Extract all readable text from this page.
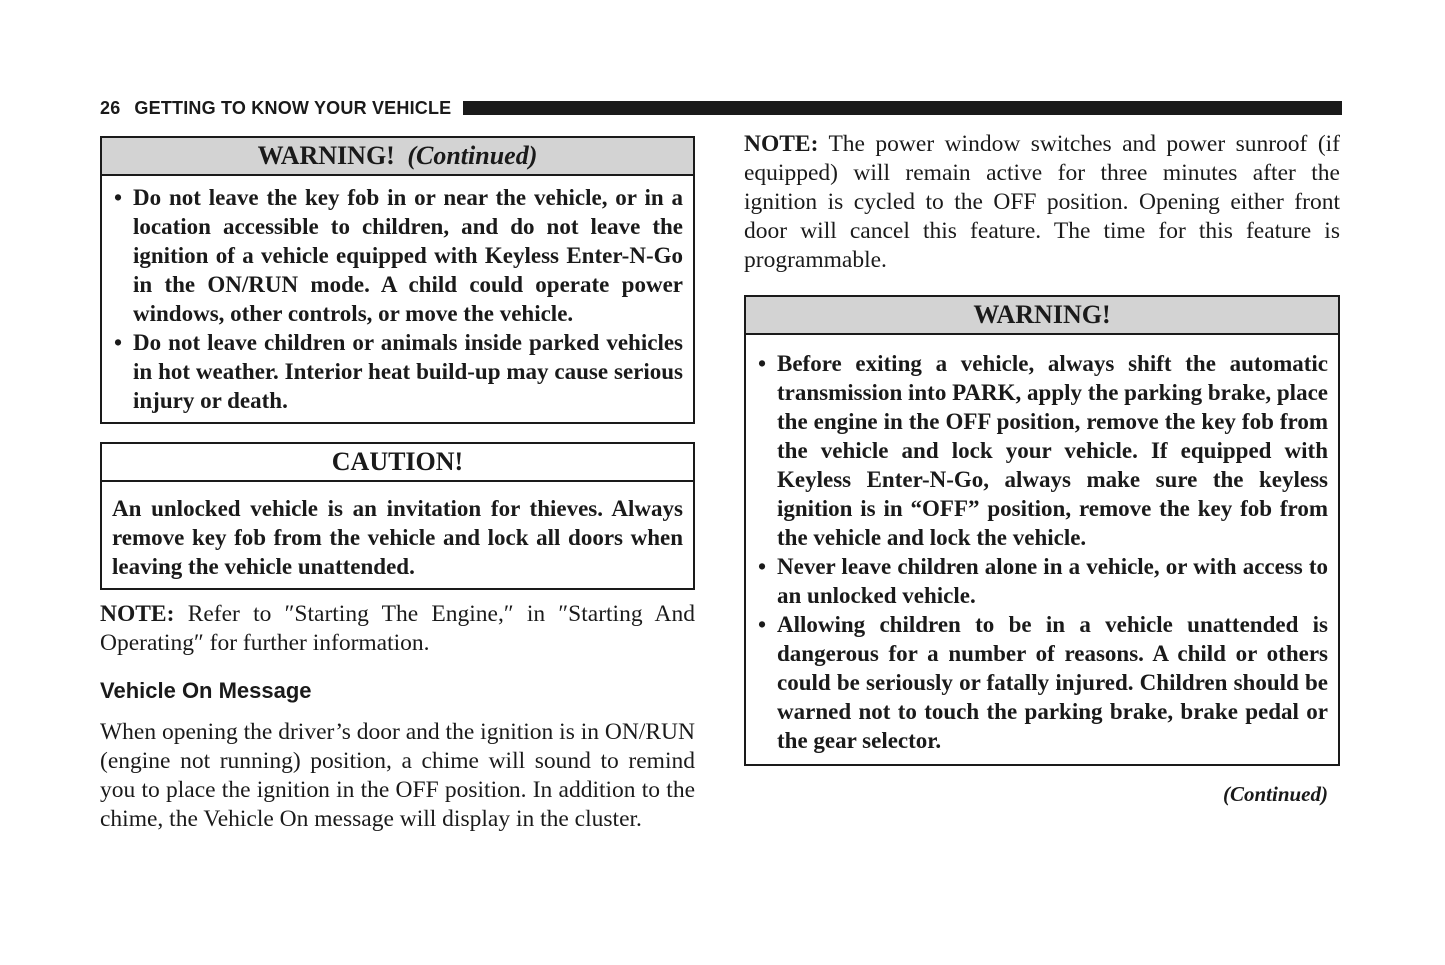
26 GETTING TO KNOW YOUR VEHICLE
WARNING! (Continued)
• Do not leave the key fob in or near the vehicle, or in a location accessible to children, and do not leave the ignition of a vehicle equipped with Keyless Enter-N-Go in the ON/RUN mode. A child could operate power windows, other controls, or move the vehicle.
• Do not leave children or animals inside parked vehicles in hot weather. Interior heat build-up may cause serious injury or death.
CAUTION!
An unlocked vehicle is an invitation for thieves. Always remove key fob from the vehicle and lock all doors when leaving the vehicle unattended.

NOTE: Refer to ″Starting The Engine,″ in ″Starting And Operating″ for further information.

Vehicle On Message

When opening the driver’s door and the ignition is in ON/RUN (engine not running) position, a chime will sound to remind you to place the ignition in the OFF position. In addition to the chime, the Vehicle On message will display in the cluster.

NOTE: The power window switches and power sunroof (if equipped) will remain active for three minutes after the ignition is cycled to the OFF position. Opening either front door will cancel this feature. The time for this feature is programmable.

WARNING!
• Before exiting a vehicle, always shift the automatic transmission into PARK, apply the parking brake, place the engine in the OFF position, remove the key fob from the vehicle and lock your vehicle. If equipped with Keyless Enter-N-Go, always make sure the keyless ignition is in “OFF” position, remove the key fob from the vehicle and lock the vehicle.
• Never leave children alone in a vehicle, or with access to an unlocked vehicle.
• Allowing children to be in a vehicle unattended is dangerous for a number of reasons. A child or others could be seriously or fatally injured. Children should be warned not to touch the parking brake, brake pedal or the gear selector.
(Continued)
